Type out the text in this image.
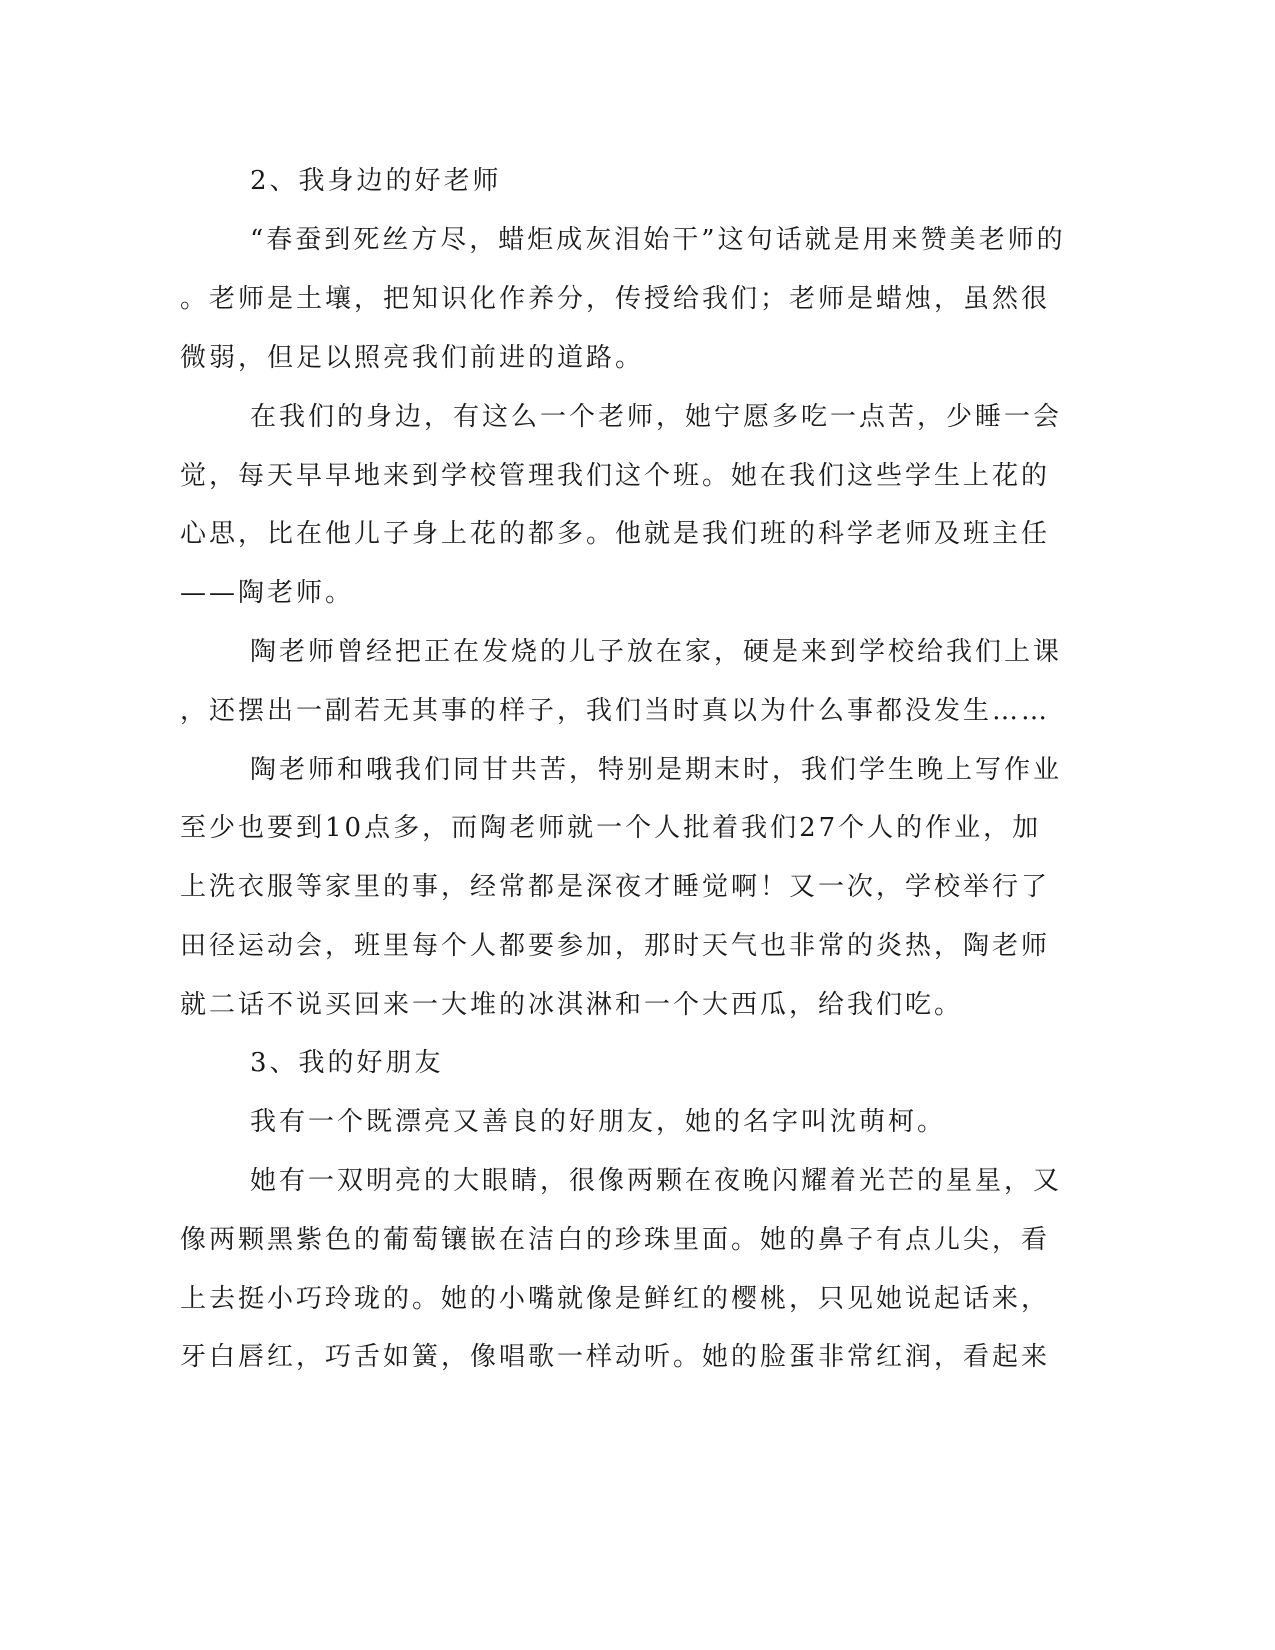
2、我身边的好老师
“春蚕到死丝方尽，蜡炬成灰泪始干”这句话就是用来赞美老师的
。老师是土壤，把知识化作养分，传授给我们；老师是蜡烛，虽然很
微弱，但足以照亮我们前进的道路。
在我们的身边，有这么一个老师，她宁愿多吃一点苦，少睡一会
觉，每天早早地来到学校管理我们这个班。她在我们这些学生上花的
心思，比在他儿子身上花的都多。他就是我们班的科学老师及班主任
——陶老师。
陶老师曾经把正在发烧的儿子放在家，硬是来到学校给我们上课
，还摆出一副若无其事的样子，我们当时真以为什么事都没发生……
陶老师和哦我们同甘共苦，特别是期末时，我们学生晚上写作业
至少也要到10点多，而陶老师就一个人批着我们27个人的作业，加
上洗衣服等家里的事，经常都是深夜才睡觉啊！又一次，学校举行了
田径运动会，班里每个人都要参加，那时天气也非常的炎热，陶老师
就二话不说买回来一大堆的冰淇淋和一个大西瓜，给我们吃。
3、我的好朋友
我有一个既漂亮又善良的好朋友，她的名字叫沈萌柯。
她有一双明亮的大眼睛，很像两颗在夜晚闪耀着光芒的星星，又
像两颗黑紫色的葡萄镶嵌在洁白的珍珠里面。她的鼻子有点儿尖，看
上去挺小巧玲珑的。她的小嘴就像是鲜红的樱桃，只见她说起话来，
牙白唇红，巧舌如簧，像唱歌一样动听。她的脸蛋非常红润，看起来
